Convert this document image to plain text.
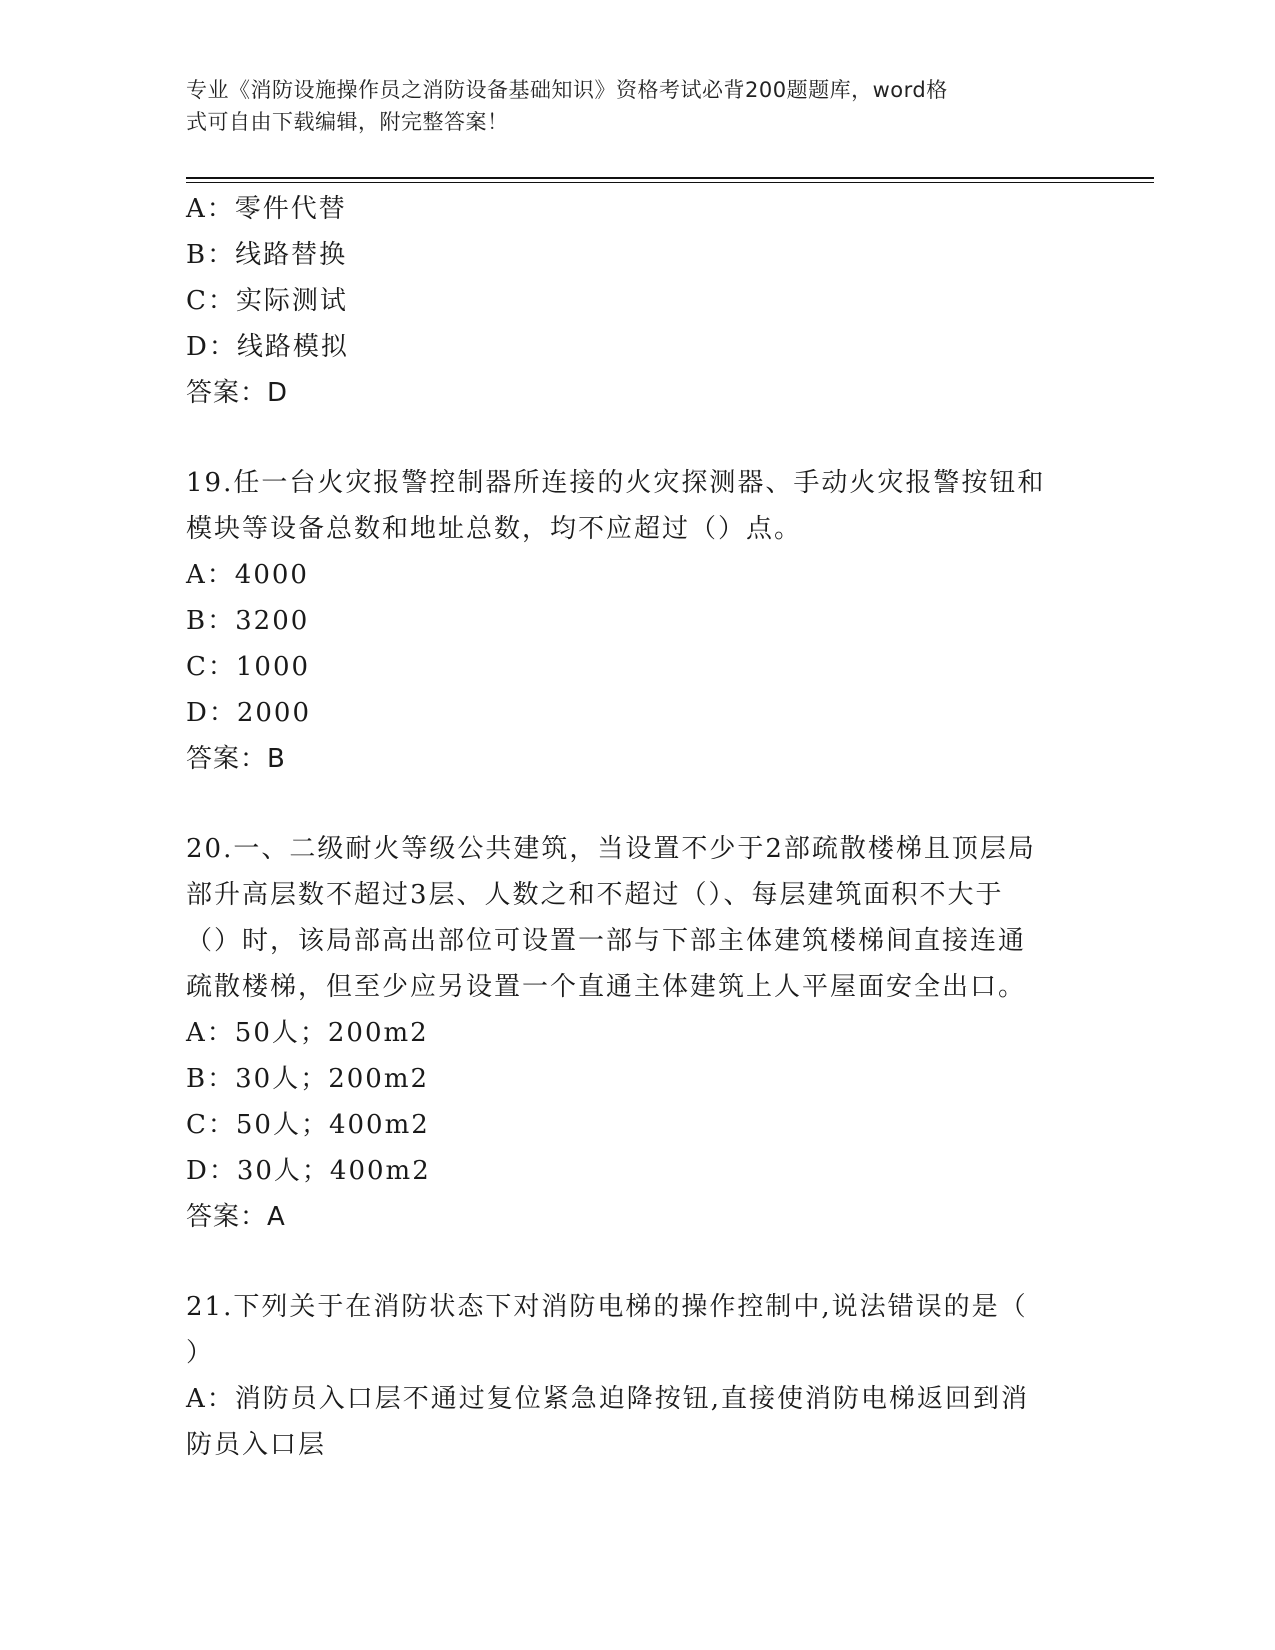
专业《消防设施操作员之消防设备基础知识》资格考试必背200题题库，word格
式可自由下载编辑，附完整答案！
A：零件代替
B：线路替换
C：实际测试
D：线路模拟
答案：D
19.任一台火灾报警控制器所连接的火灾探测器、手动火灾报警按钮和
模块等设备总数和地址总数，均不应超过（）点。
A：4000
B：3200
C：1000
D：2000
答案：B
20.一、二级耐火等级公共建筑，当设置不少于2部疏散楼梯且顶层局
部升高层数不超过3层、人数之和不超过（）、每层建筑面积不大于
（）时，该局部高出部位可设置一部与下部主体建筑楼梯间直接连通
疏散楼梯，但至少应另设置一个直通主体建筑上人平屋面安全出口。
A：50人；200m2
B：30人；200m2
C：50人；400m2
D：30人；400m2
答案：A
21.下列关于在消防状态下对消防电梯的操作控制中,说法错误的是（
）
A：消防员入口层不通过复位紧急迫降按钮,直接使消防电梯返回到消
防员入口层
